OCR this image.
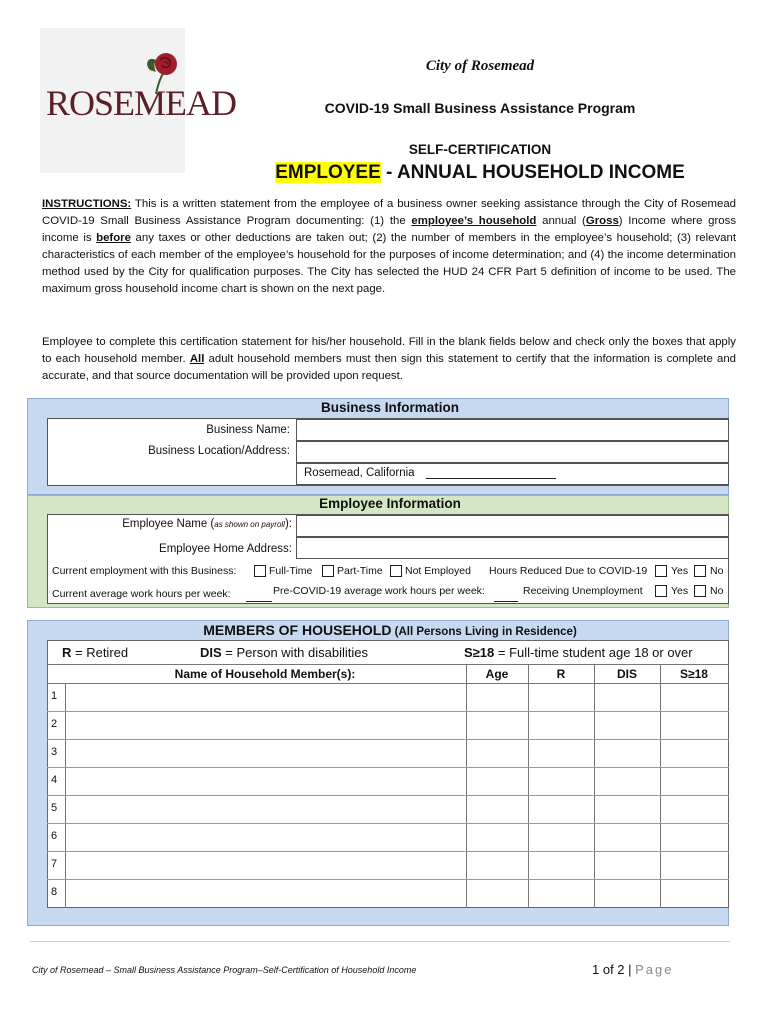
ROSEMEAD
City of Rosemead
COVID-19 Small Business Assistance Program
SELF-CERTIFICATION
EMPLOYEE - ANNUAL HOUSEHOLD INCOME
INSTRUCTIONS: This is a written statement from the employee of a business owner seeking assistance through the City of Rosemead COVID-19 Small Business Assistance Program documenting: (1) the employee’s household annual (Gross) Income where gross income is before any taxes or other deductions are taken out; (2) the number of members in the employee’s household; (3) relevant characteristics of each member of the employee’s household for the purposes of income determination; and (4) the income determination method used by the City for qualification purposes. The City has selected the HUD 24 CFR Part 5 definition of income to be used. The maximum gross household income chart is shown on the next page.
Employee to complete this certification statement for his/her household. Fill in the blank fields below and check only the boxes that apply to each household member. All adult household members must then sign this statement to certify that the information is complete and accurate, and that source documentation will be provided upon request.
Business Information
Business Name:
Business Location/Address:
Rosemead, California
Employee Information
Employee Name (as shown on payroll):
Employee Home Address:
Current employment with this Business:	Full-Time Part-Time Not Employed Hours Reduced Due to COVID-19 Yes No
Current average work hours per week:	Pre-COVID-19 average work hours per week:	Receiving Unemployment	Yes No
MEMBERS OF HOUSEHOLD (All Persons Living in Residence)
R = Retired	DIS = Person with disabilities	S≥18 = Full-time student age 18 or over
Name of Household Member(s):	Age	R	DIS	S≥18
1
2
3
4
5
6
7
8
City of Rosemead – Small Business Assistance Program–Self-Certification of Household Income	1 of 2 | Page
